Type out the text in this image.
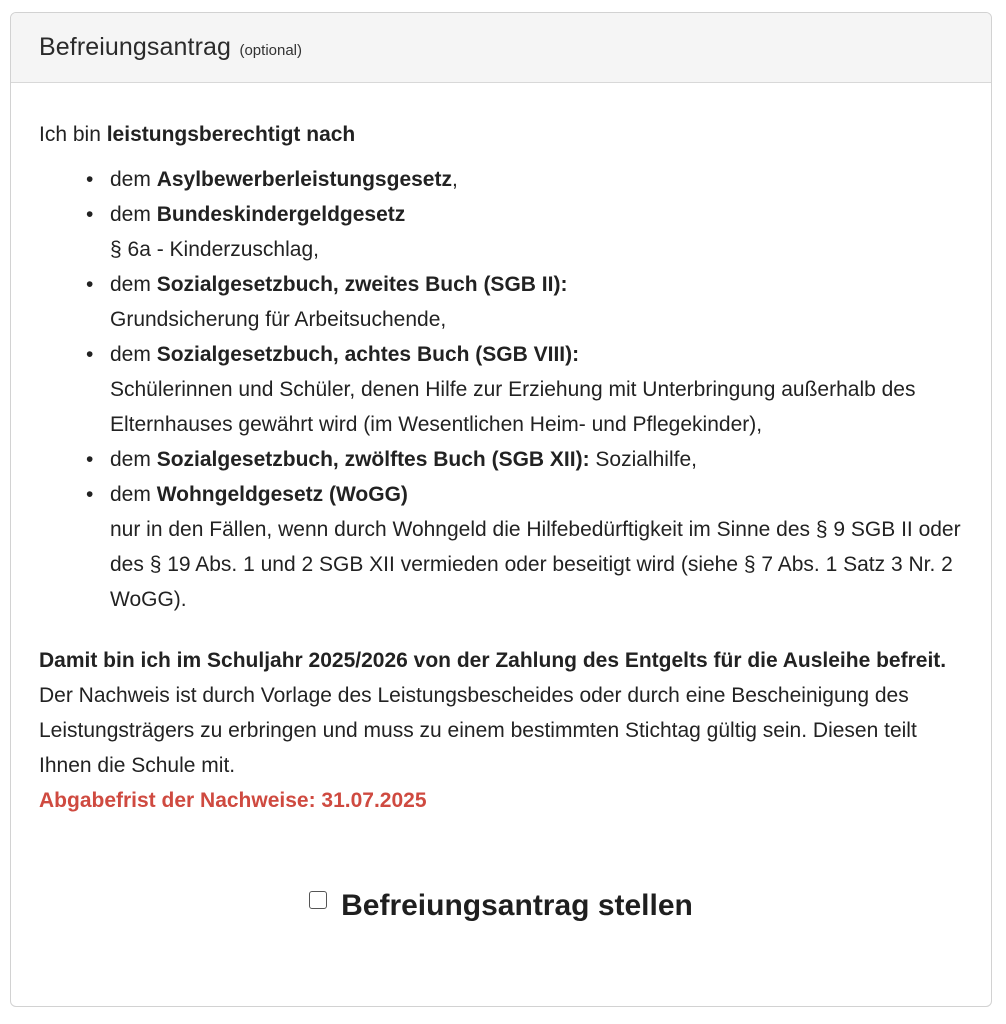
Befreiungsantrag (optional)

Ich bin leistungsberechtigt nach

• dem Asylbewerberleistungsgesetz,
• dem Bundeskindergeldgesetz
§ 6a - Kinderzuschlag,
• dem Sozialgesetzbuch, zweites Buch (SGB II):
Grundsicherung für Arbeitsuchende,
• dem Sozialgesetzbuch, achtes Buch (SGB VIII):
Schülerinnen und Schüler, denen Hilfe zur Erziehung mit Unterbringung außerhalb des Elternhauses gewährt wird (im Wesentlichen Heim- und Pflegekinder),
• dem Sozialgesetzbuch, zwölftes Buch (SGB XII): Sozialhilfe,
• dem Wohngeldgesetz (WoGG)
nur in den Fällen, wenn durch Wohngeld die Hilfebedürftigkeit im Sinne des § 9 SGB II oder des § 19 Abs. 1 und 2 SGB XII vermieden oder beseitigt wird (siehe § 7 Abs. 1 Satz 3 Nr. 2 WoGG).

Damit bin ich im Schuljahr 2025/2026 von der Zahlung des Entgelts für die Ausleihe befreit. Der Nachweis ist durch Vorlage des Leistungsbescheides oder durch eine Bescheinigung des Leistungsträgers zu erbringen und muss zu einem bestimmten Stichtag gültig sein. Diesen teilt Ihnen die Schule mit.
Abgabefrist der Nachweise: 31.07.2025

Befreiungsantrag stellen
